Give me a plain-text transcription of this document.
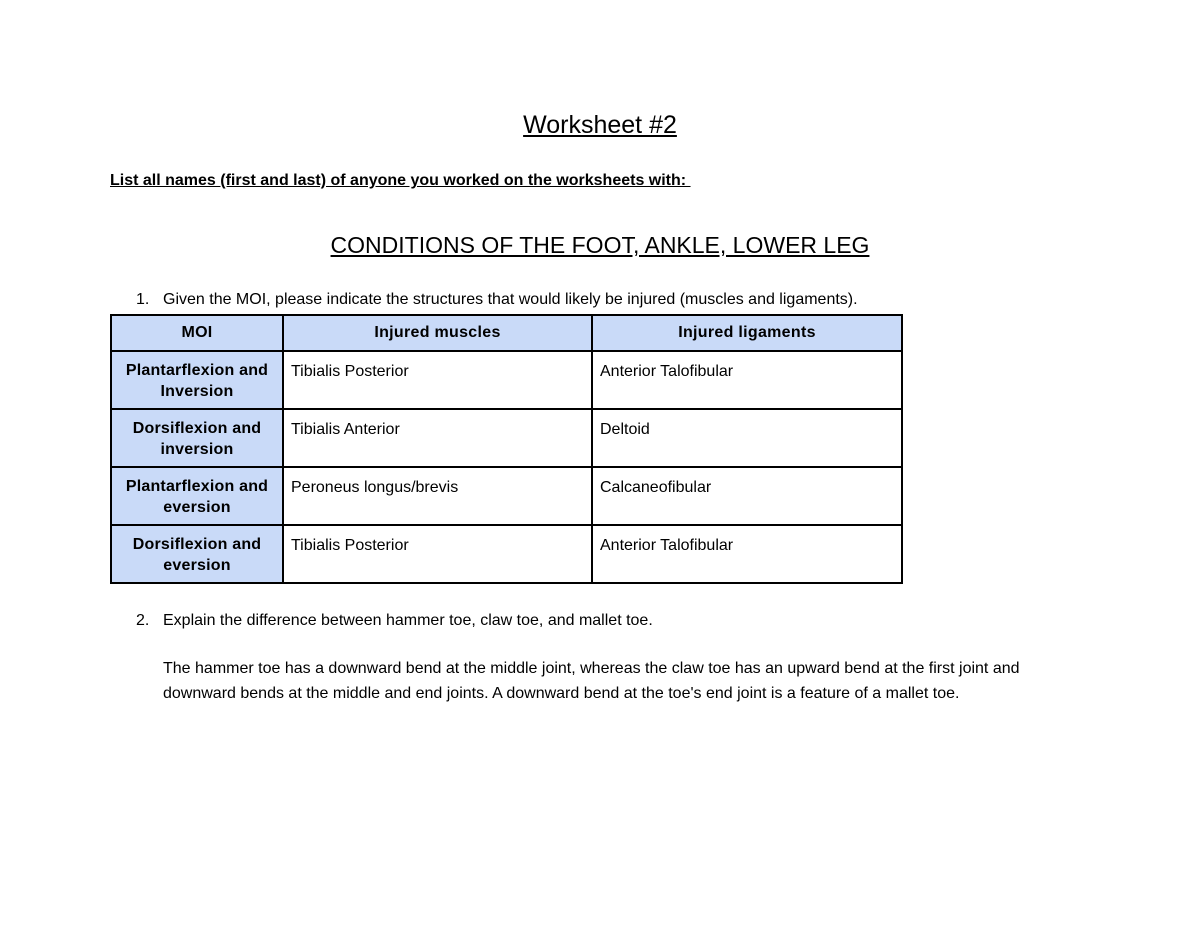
Worksheet #2
List all names (first and last) of anyone you worked on the worksheets with:
CONDITIONS OF THE FOOT, ANKLE, LOWER LEG
1. Given the MOI, please indicate the structures that would likely be injured (muscles and ligaments).
MOI	Injured muscles	Injured ligaments
Plantarflexion and Inversion	Tibialis Posterior	Anterior Talofibular
Dorsiflexion and inversion	Tibialis Anterior	Deltoid
Plantarflexion and eversion	Peroneus longus/brevis	Calcaneofibular
Dorsiflexion and eversion	Tibialis Posterior	Anterior Talofibular
2. Explain the difference between hammer toe, claw toe, and mallet toe.
The hammer toe has a downward bend at the middle joint, whereas the claw toe has an upward bend at the first joint and downward bends at the middle and end joints. A downward bend at the toe's end joint is a feature of a mallet toe.
